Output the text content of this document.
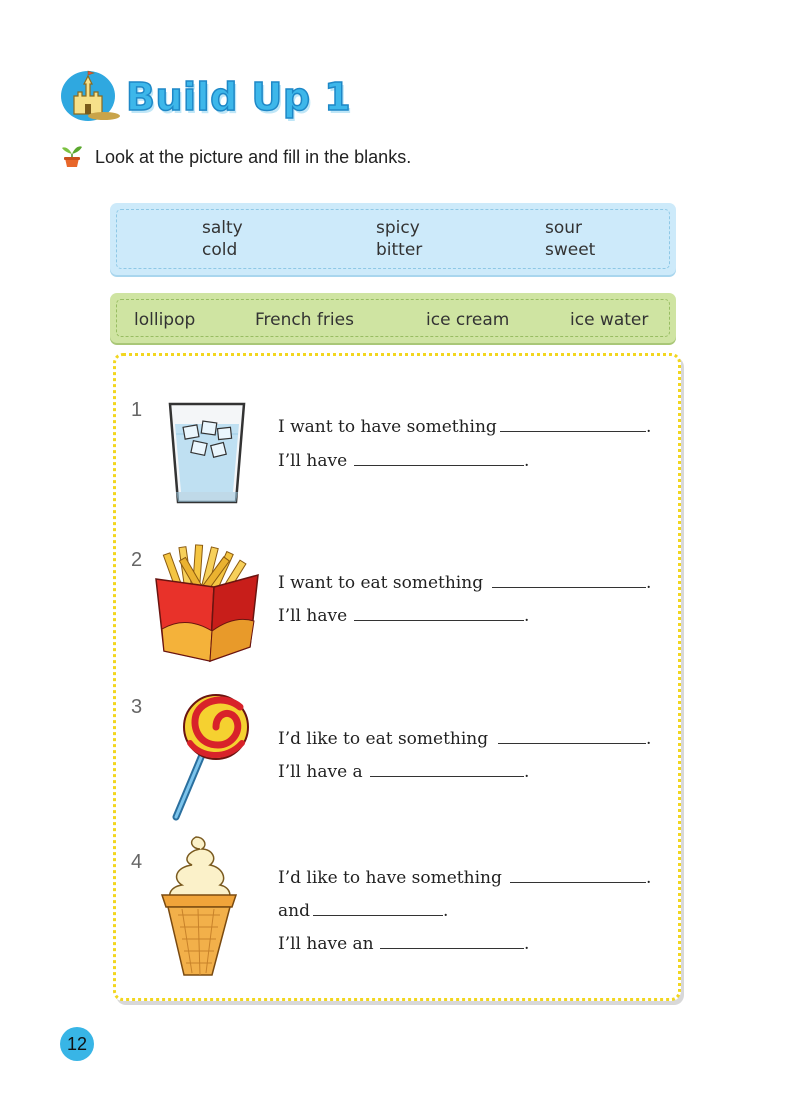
Build Up 1
Look at the picture and fill in the blanks.
salty	spicy	sour
cold	bitter	sweet
lollipop	French fries	ice cream	ice water
1
I want to have something	.
I’ll have	.
2
I want to eat something	.
I’ll have	.
3
I’d like to eat something	.
I’ll have a	.
4
I’d like to have something	.
and	.
I’ll have an	.
12
